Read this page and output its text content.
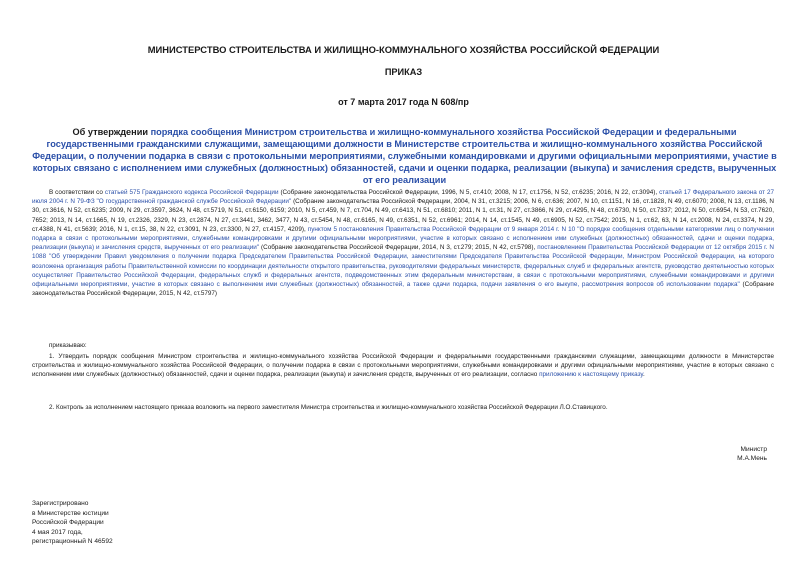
МИНИСТЕРСТВО СТРОИТЕЛЬСТВА И ЖИЛИЩНО-КОММУНАЛЬНОГО ХОЗЯЙСТВА РОССИЙСКОЙ ФЕДЕРАЦИИ
ПРИКАЗ
от 7 марта 2017 года N 608/пр
Об утверждении порядка сообщения Министром строительства и жилищно-коммунального хозяйства Российской Федерации и федеральными государственными гражданскими служащими, замещающими должности в Министерстве строительства и жилищно-коммунального хозяйства Российской Федерации, о получении подарка в связи с протокольными мероприятиями, служебными командировками и другими официальными мероприятиями, участие в которых связано с исполнением ими служебных (должностных) обязанностей, сдачи и оценки подарка, реализации (выкупа) и зачисления средств, вырученных от его реализации
В соответствии со статьей 575 Гражданского кодекса Российской Федерации (Собрание законодательства Российской Федерации, 1996, N 5, ст.410; 2008, N 17, ст.1756, N 52, ст.6235; 2016, N 22, ст.3094), статьей 17 Федерального закона от 27 июля 2004 г. N 79-ФЗ "О государственной гражданской службе Российской Федерации" (Собрание законодательства Российской Федерации, 2004, N 31, ст.3215; 2006, N 6, ст.636; 2007, N 10, ст.1151, N 16, ст.1828, N 49, ст.6070; 2008, N 13, ст.1186, N 30, ст.3616, N 52, ст.6235; 2009, N 29, ст.3597, 3624, N 48, ст.5719, N 51, ст.6150, 6159; 2010, N 5, ст.459, N 7, ст.704, N 49, ст.6413, N 51, ст.6810; 2011, N 1, ст.31, N 27, ст.3866, N 29, ст.4295, N 48, ст.6730, N 50, ст.7337; 2012, N 50, ст.6954, N 53, ст.7620, 7652; 2013, N 14, ст.1665, N 19, ст.2326, 2329, N 23, ст.2874, N 27, ст.3441, 3462, 3477, N 43, ст.5454, N 48, ст.6165, N 49, ст.6351, N 52, ст.6961; 2014, N 14, ст.1545, N 49, ст.6905, N 52, ст.7542; 2015, N 1, ст.62, 63, N 14, ст.2008, N 24, ст.3374, N 29, ст.4388, N 41, ст.5639; 2016, N 1, ст.15, 38, N 22, ст.3091, N 23, ст.3300, N 27, ст.4157, 4209), пунктом 5 постановления Правительства Российской Федерации от 9 января 2014 г. N 10 "О порядке сообщения отдельными категориями лиц о получении подарка в связи с протокольными мероприятиями, служебными командировками и другими официальными мероприятиями, участие в которых связано с исполнением ими служебных (должностных) обязанностей, сдачи и оценки подарка, реализации (выкупа) и зачисления средств, вырученных от его реализации" (Собрание законодательства Российской Федерации, 2014, N 3, ст.279; 2015, N 42, ст.5798), постановлением Правительства Российской Федерации от 12 октября 2015 г. N 1088 "Об утверждении Правил уведомления о получении подарка Председателем Правительства Российской Федерации, заместителями Председателя Правительства Российской Федерации, Министром Российской Федерации, на которого возложена организация работы Правительственной комиссии по координации деятельности открытого правительства, руководителями федеральных министерств, федеральных служб и федеральных агентств, руководство деятельностью которых осуществляет Правительство Российской Федерации, федеральных служб и федеральных агентств, подведомственных этим федеральным министерствам, в связи с протокольными мероприятиями, служебными командировками и другими официальными мероприятиями, участие в которых связано с выполнением ими служебных (должностных) обязанностей, а также сдачи подарка, подачи заявления о его выкупе, рассмотрения вопросов об использовании подарка" (Собрание законодательства Российской Федерации, 2015, N 42, ст.5797)
приказываю:
1. Утвердить порядок сообщения Министром строительства и жилищно-коммунального хозяйства Российской Федерации и федеральными государственными гражданскими служащими, замещающими должности в Министерстве строительства и жилищно-коммунального хозяйства Российской Федерации, о получении подарка в связи с протокольными мероприятиями, служебными командировками и другими официальными мероприятиями, участие в которых связано с исполнением ими служебных (должностных) обязанностей, сдачи и оценки подарка, реализации (выкупа) и зачисления средств, вырученных от его реализации, согласно приложению к настоящему приказу.
2. Контроль за исполнением настоящего приказа возложить на первого заместителя Министра строительства и жилищно-коммунального хозяйства Российской Федерации Л.О.Ставицкого.
Министр
М.А.Мень
Зарегистрировано
в Министерстве юстиции
Российской Федерации
4 мая 2017 года,
регистрационный N 46592
